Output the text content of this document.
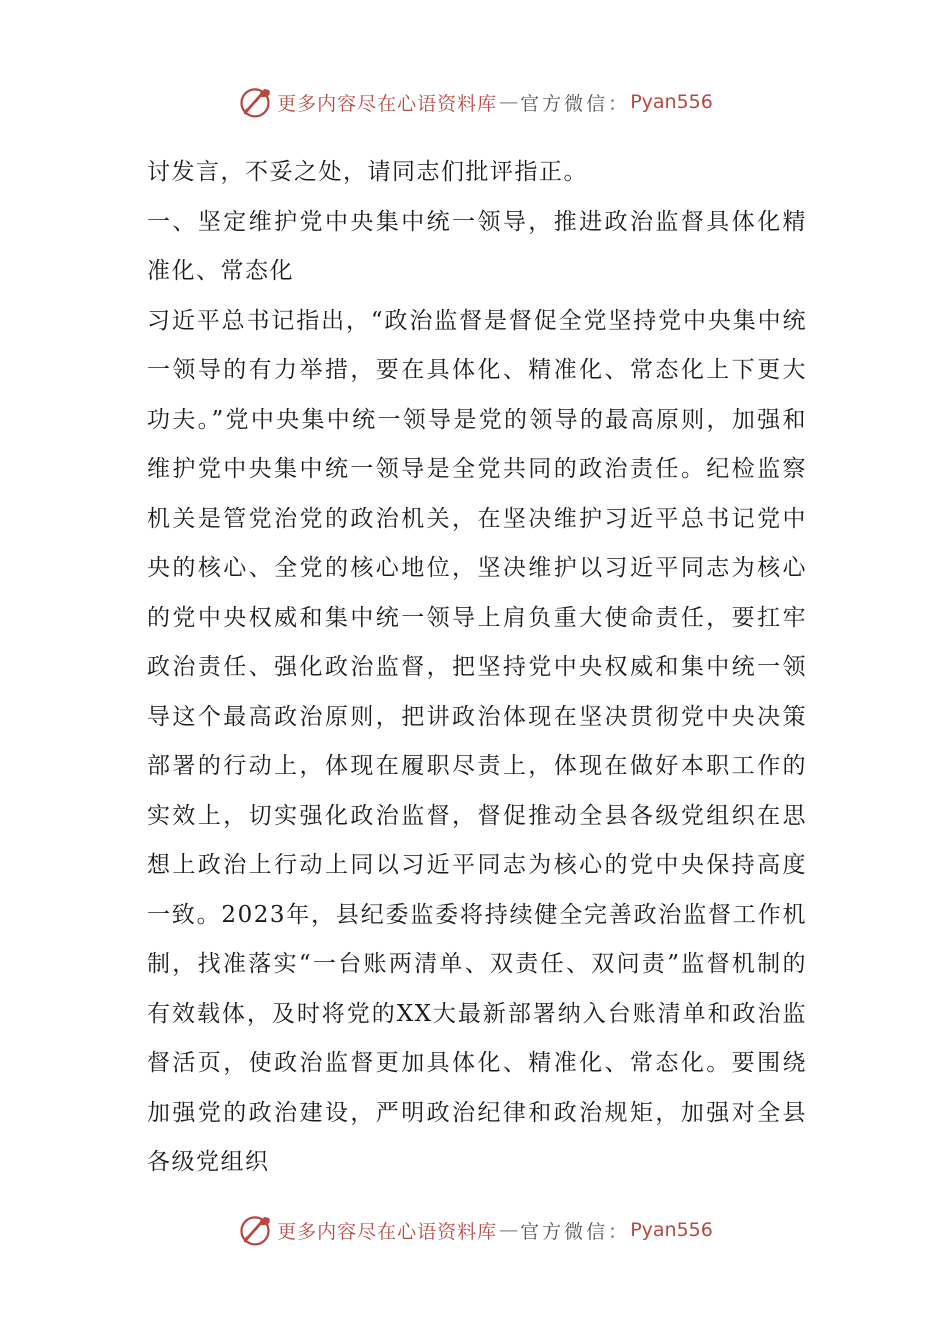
更多内容尽在心语资料库 — 官方微信： Pyan556

讨发言，不妥之处，请同志们批评指正。

一、坚定维护党中央集中统一领导，推进政治监督具体化精准化、常态化

习近平总书记指出，“政治监督是督促全党坚持党中央集中统一领导的有力举措，要在具体化、精准化、常态化上下更大功夫。”党中央集中统一领导是党的领导的最高原则，加强和维护党中央集中统一领导是全党共同的政治责任。纪检监察机关是管党治党的政治机关，在坚决维护习近平总书记党中央的核心、全党的核心地位，坚决维护以习近平同志为核心的党中央权威和集中统一领导上肩负重大使命责任，要扛牢政治责任、强化政治监督，把坚持党中央权威和集中统一领导这个最高政治原则，把讲政治体现在坚决贯彻党中央决策部署的行动上，体现在履职尽责上，体现在做好本职工作的实效上，切实强化政治监督，督促推动全县各级党组织在思想上政治上行动上同以习近平同志为核心的党中央保持高度一致。2023年，县纪委监委将持续健全完善政治监督工作机制，找准落实“一台账两清单、双责任、双问责”监督机制的有效载体，及时将党的XX大最新部署纳入台账清单和政治监督活页，使政治监督更加具体化、精准化、常态化。要围绕加强党的政治建设，严明政治纪律和政治规矩，加强对全县各级党组织

更多内容尽在心语资料库 — 官方微信： Pyan556
